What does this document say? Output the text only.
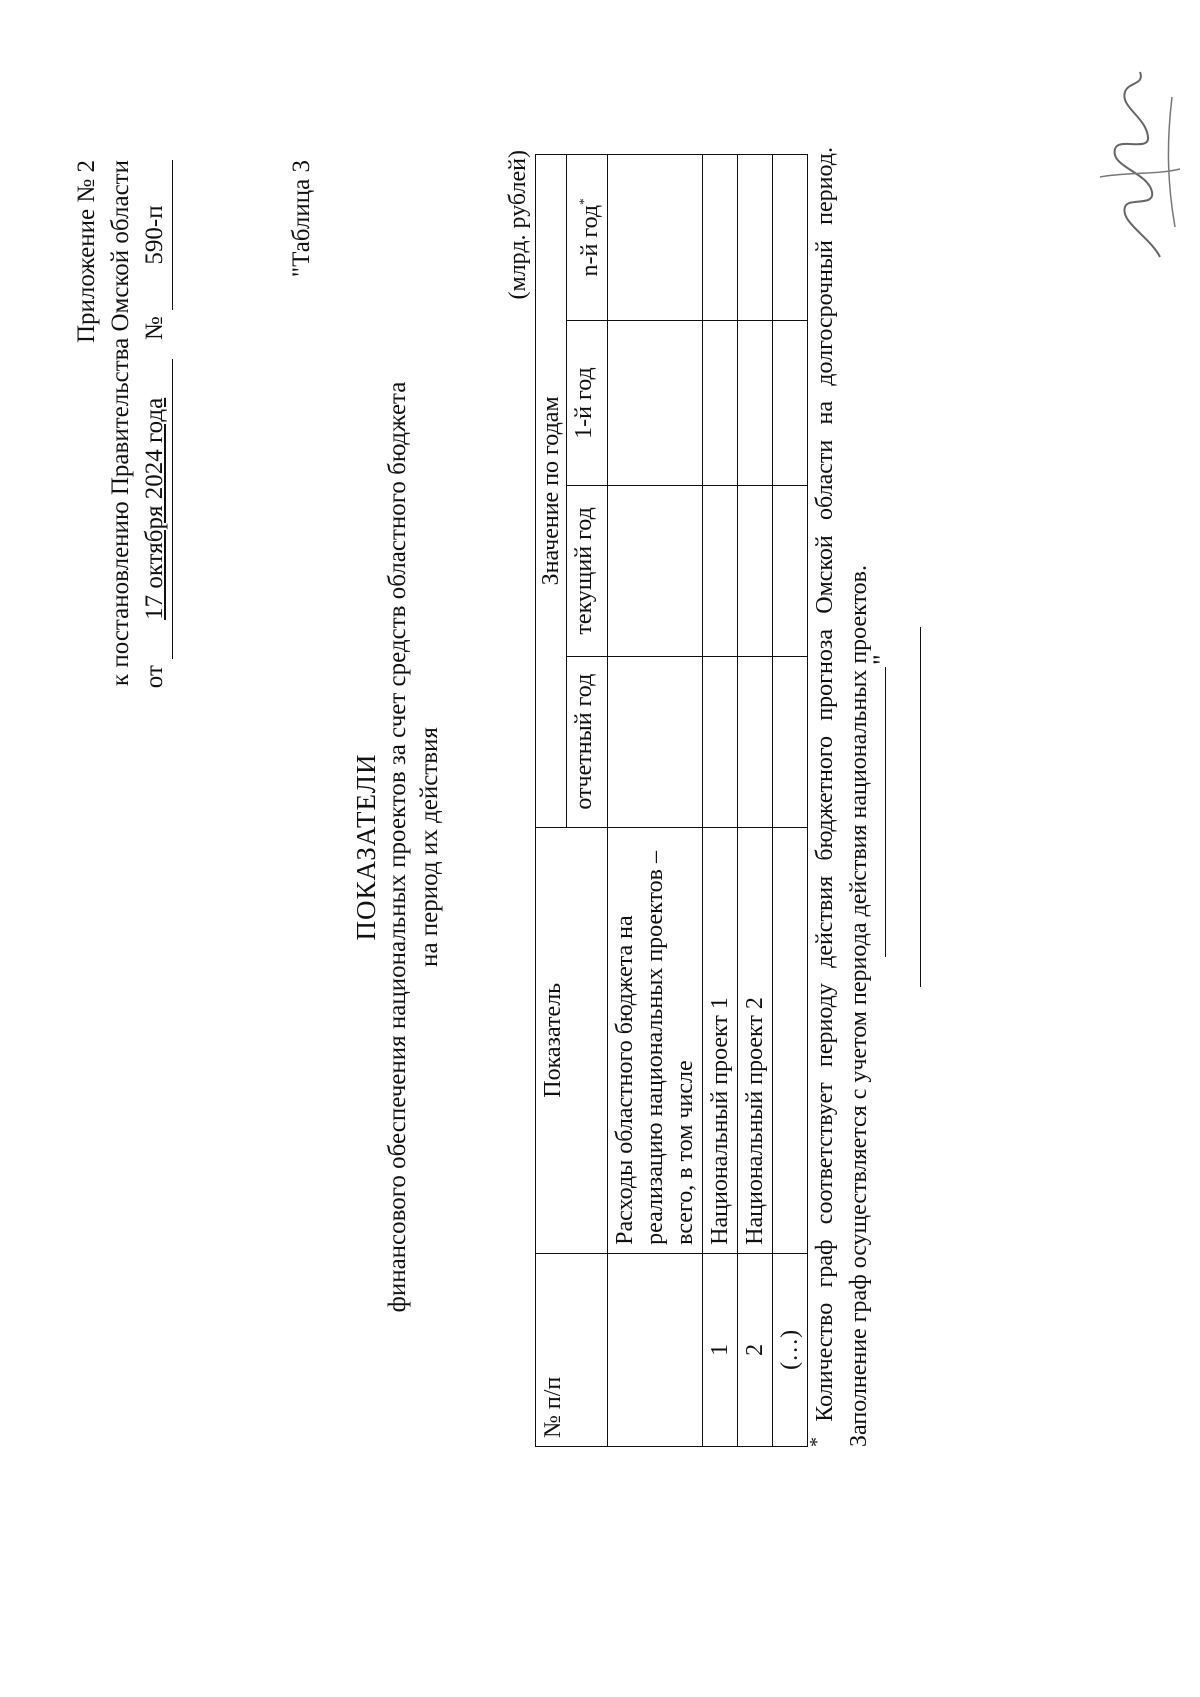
Приложение № 2 к постановлению Правительства Омской области от 17 октября 2024 года   № 590-п	"Таблица 3
ПОКАЗАТЕЛИ финансового обеспечения национальных проектов за счет средств областного бюджета на период их действия
(млрд. рублей)
№ п/п	Показатель	Значение по годам			
		отчетный год	текущий год	1-й год	n-й год*
	Расходы областного бюджета на реализацию национальных проектов – всего, в том числе				
1	Национальный проект 1				
2	Национальный проект 2				
(…)					
* Количество граф соответствует периоду действия бюджетного прогноза Омской области на долгосрочный период. Заполнение граф осуществляется с учетом периода действия национальных проектов.
"
